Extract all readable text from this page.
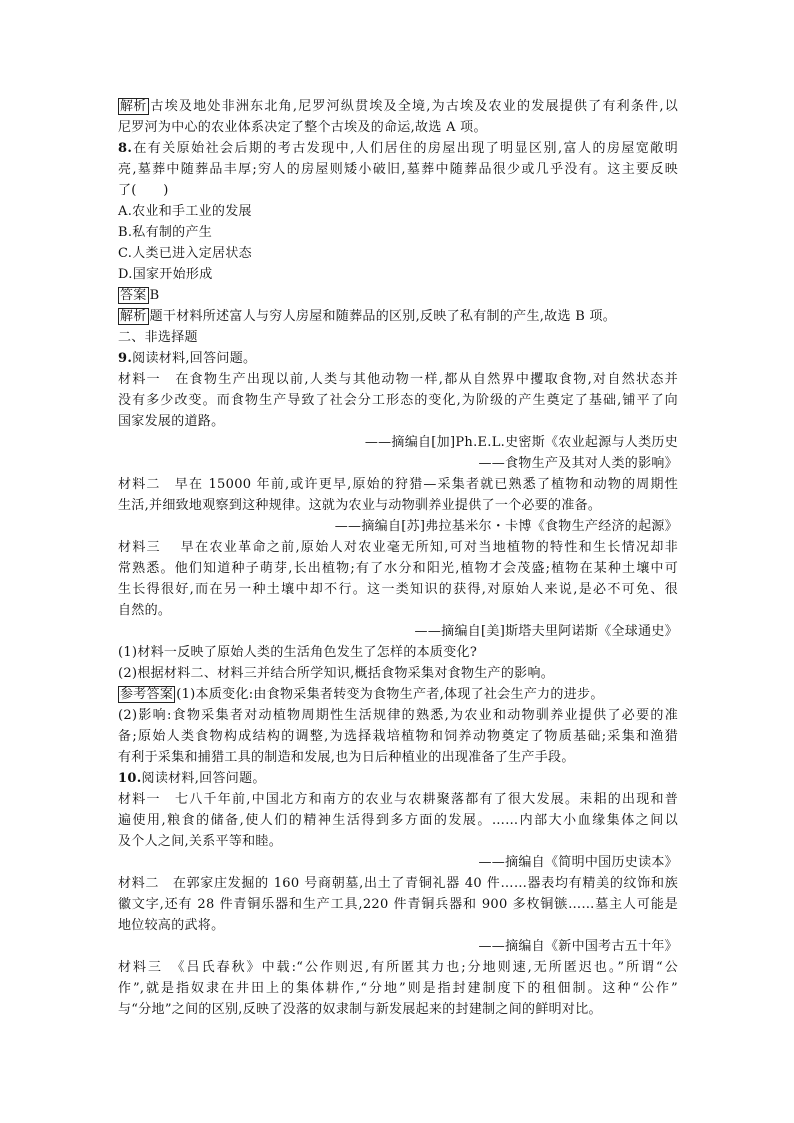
解析 古埃及地处非洲东北角,尼罗河纵贯埃及全境,为古埃及农业的发展提供了有利条件,以
尼罗河为中心的农业体系决定了整个古埃及的命运,故选 A 项。
8.在有关原始社会后期的考古发现中,人们居住的房屋出现了明显区别,富人的房屋宽敞明
亮,墓葬中随葬品丰厚;穷人的房屋则矮小破旧,墓葬中随葬品很少或几乎没有。这主要反映
了(　　)
A.农业和手工业的发展
B.私有制的产生
C.人类已进入定居状态
D.国家开始形成
答案 B
解析 题干材料所述富人与穷人房屋和随葬品的区别,反映了私有制的产生,故选 B 项。
二、非选择题
9.阅读材料,回答问题。
材料一　在食物生产出现以前,人类与其他动物一样,都从自然界中攫取食物,对自然状态并
没有多少改变。而食物生产导致了社会分工形态的变化,为阶级的产生奠定了基础,铺平了向
国家发展的道路。
——摘编自[加]Ph.E.L.史密斯《农业起源与人类历史
——食物生产及其对人类的影响》
材料二　早在 15000 年前,或许更早,原始的狩猎—采集者就已熟悉了植物和动物的周期性
生活,并细致地观察到这种规律。这就为农业与动物驯养业提供了一个必要的准备。
——摘编自[苏]弗拉基米尔・卡博《食物生产经济的起源》
材料三　 早在农业革命之前,原始人对农业毫无所知,可对当地植物的特性和生长情况却非
常熟悉。他们知道种子萌芽,长出植物;有了水分和阳光,植物才会茂盛;植物在某种土壤中可
生长得很好,而在另一种土壤中却不行。这一类知识的获得,对原始人来说,是必不可免、很
自然的。
——摘编自[美]斯塔夫里阿诺斯《全球通史》
(1)材料一反映了原始人类的生活角色发生了怎样的本质变化?
(2)根据材料二、材料三并结合所学知识,概括食物采集对食物生产的影响。
参考答案 (1)本质变化:由食物采集者转变为食物生产者,体现了社会生产力的进步。
(2)影响:食物采集者对动植物周期性生活规律的熟悉,为农业和动物驯养业提供了必要的准
备;原始人类食物构成结构的调整,为选择栽培植物和饲养动物奠定了物质基础;采集和渔猎
有利于采集和捕猎工具的制造和发展,也为日后种植业的出现准备了生产手段。
10.阅读材料,回答问题。
材料一　七八千年前,中国北方和南方的农业与农耕聚落都有了很大发展。耒耜的出现和普
遍使用,粮食的储备,使人们的精神生活得到多方面的发展。……内部大小血缘集体之间以
及个人之间,关系平等和睦。
——摘编自《简明中国历史读本》
材料二　在郭家庄发掘的 160 号商朝墓,出土了青铜礼器 40 件……器表均有精美的纹饰和族
徽文字,还有 28 件青铜乐器和生产工具,220 件青铜兵器和 900 多枚铜镞……墓主人可能是
地位较高的武将。
——摘编自《新中国考古五十年》
材料三　《吕氏春秋》中载:“公作则迟,有所匿其力也;分地则速,无所匿迟也。”所谓“公
作”,就是指奴隶在井田上的集体耕作,“分地”则是指封建制度下的租佃制。这种“公作”
与“分地”之间的区别,反映了没落的奴隶制与新发展起来的封建制之间的鲜明对比。
